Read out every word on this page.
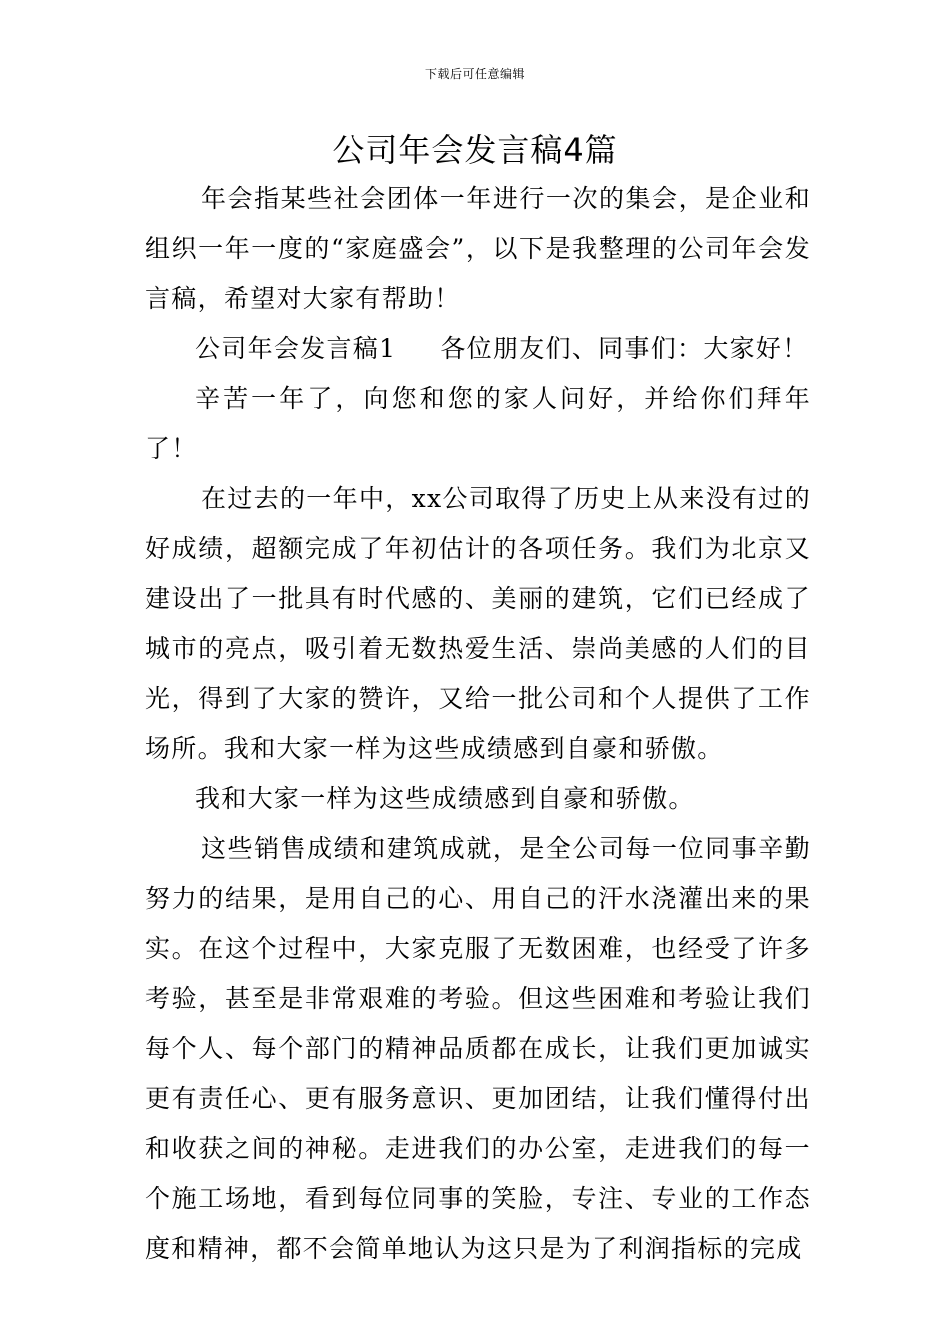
下载后可任意编辑
公司年会发言稿4篇

年会指某些社会团体一年进行一次的集会，是企业和组织一年一度的“家庭盛会”，以下是我整理的公司年会发言稿，希望对大家有帮助！

公司年会发言稿1 各位朋友们、同事们：大家好！

辛苦一年了，向您和您的家人问好，并给你们拜年了！

在过去的一年中，xx公司取得了历史上从来没有过的好成绩，超额完成了年初估计的各项任务。我们为北京又建设出了一批具有时代感的、美丽的建筑，它们已经成了城市的亮点，吸引着无数热爱生活、崇尚美感的人们的目光，得到了大家的赞许，又给一批公司和个人提供了工作场所。我和大家一样为这些成绩感到自豪和骄傲。

我和大家一样为这些成绩感到自豪和骄傲。

这些销售成绩和建筑成就，是全公司每一位同事辛勤努力的结果，是用自己的心、用自己的汗水浇灌出来的果实。在这个过程中，大家克服了无数困难，也经受了许多考验，甚至是非常艰难的考验。但这些困难和考验让我们每个人、每个部门的精神品质都在成长，让我们更加诚实更有责任心、更有服务意识、更加团结，让我们懂得付出和收获之间的神秘。走进我们的办公室，走进我们的每一个施工场地，看到每位同事的笑脸，专注、专业的工作态度和精神，都不会简单地认为这只是为了利润指标的完成
